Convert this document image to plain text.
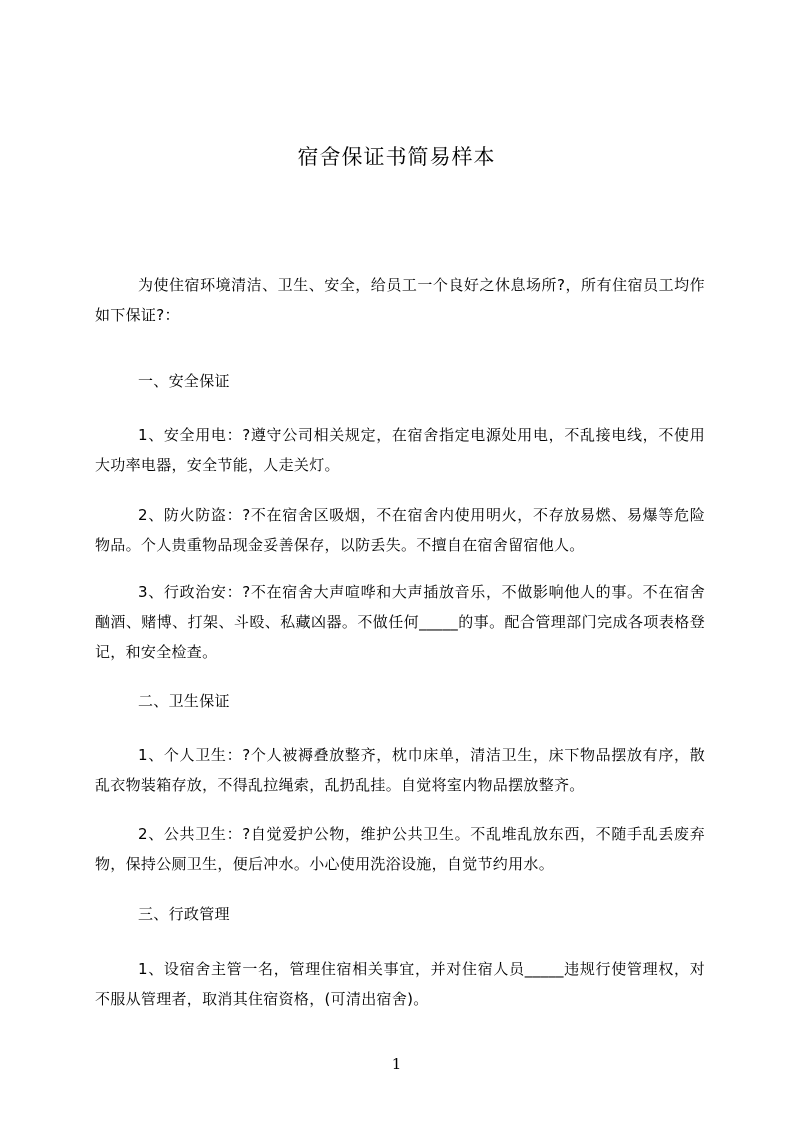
宿舍保证书简易样本

为使住宿环境清洁、卫生、安全，给员工一个良好之休息场所?，所有住宿员工均作如下保证?：

一、安全保证

1、安全用电：?遵守公司相关规定，在宿舍指定电源处用电，不乱接电线，不使用大功率电器，安全节能，人走关灯。

2、防火防盗：?不在宿舍区吸烟，不在宿舍内使用明火，不存放易燃、易爆等危险物品。个人贵重物品现金妥善保存，以防丢失。不擅自在宿舍留宿他人。

3、行政治安：?不在宿舍大声喧哗和大声插放音乐，不做影响他人的事。不在宿舍酗酒、赌博、打架、斗殴、私藏凶器。不做任何_____的事。配合管理部门完成各项表格登记，和安全检查。

二、卫生保证

1、个人卫生：?个人被褥叠放整齐，枕巾床单，清洁卫生，床下物品摆放有序，散乱衣物装箱存放，不得乱拉绳索，乱扔乱挂。自觉将室内物品摆放整齐。

2、公共卫生：?自觉爱护公物，维护公共卫生。不乱堆乱放东西，不随手乱丢废弃物，保持公厕卫生，便后冲水。小心使用洗浴设施，自觉节约用水。

三、行政管理

1、设宿舍主管一名，管理住宿相关事宜，并对住宿人员_____违规行使管理权，对不服从管理者，取消其住宿资格，(可清出宿舍)。

1
